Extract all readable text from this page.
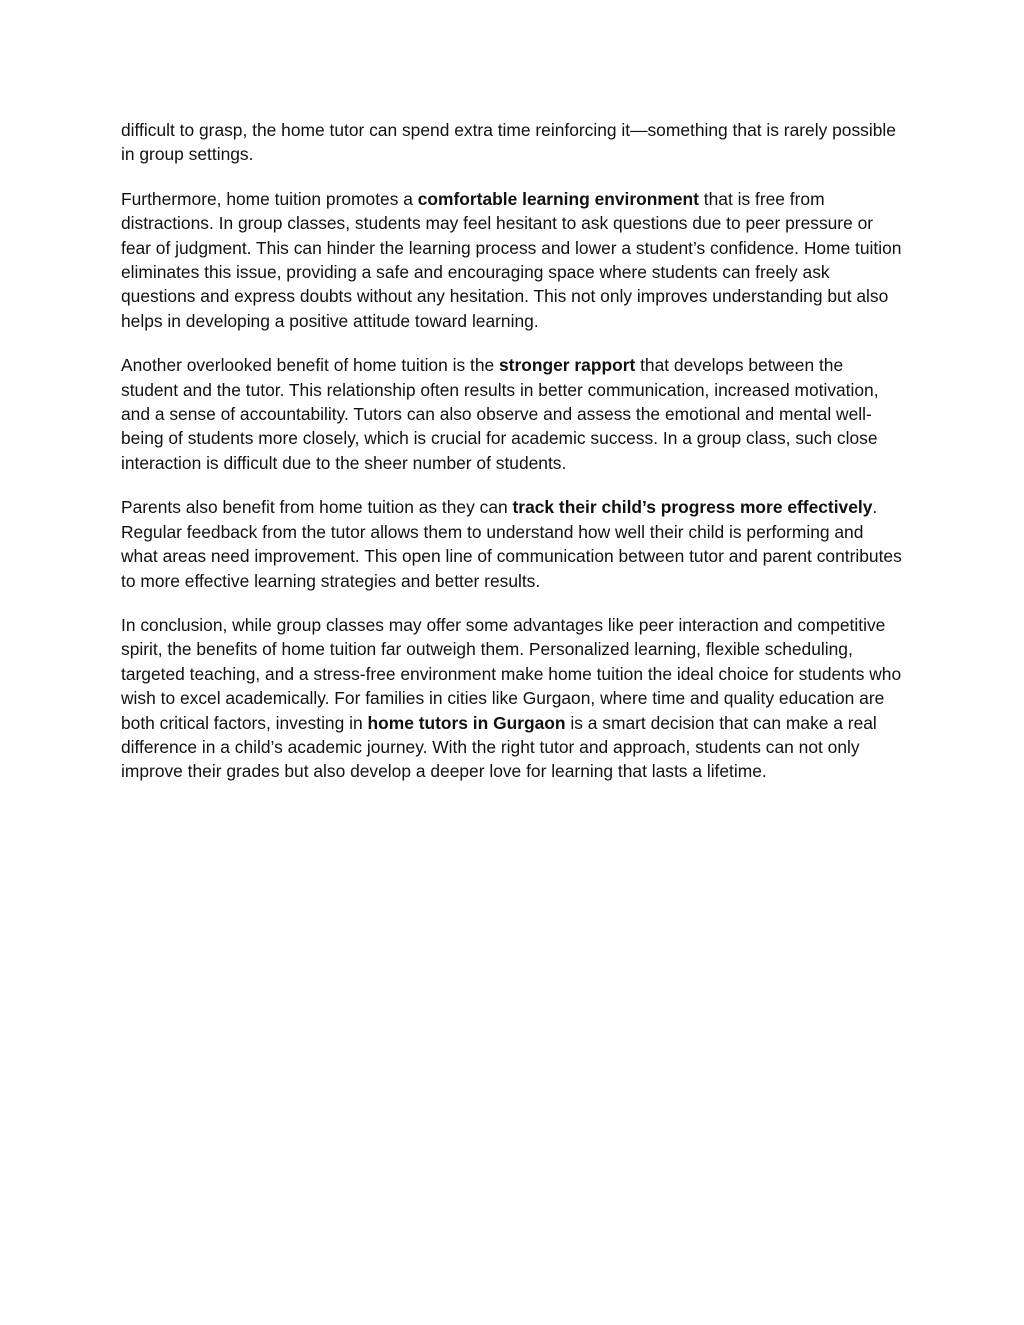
difficult to grasp, the home tutor can spend extra time reinforcing it—something that is rarely possible in group settings.

Furthermore, home tuition promotes a comfortable learning environment that is free from distractions. In group classes, students may feel hesitant to ask questions due to peer pressure or fear of judgment. This can hinder the learning process and lower a student’s confidence. Home tuition eliminates this issue, providing a safe and encouraging space where students can freely ask questions and express doubts without any hesitation. This not only improves understanding but also helps in developing a positive attitude toward learning.

Another overlooked benefit of home tuition is the stronger rapport that develops between the student and the tutor. This relationship often results in better communication, increased motivation, and a sense of accountability. Tutors can also observe and assess the emotional and mental well-being of students more closely, which is crucial for academic success. In a group class, such close interaction is difficult due to the sheer number of students.

Parents also benefit from home tuition as they can track their child’s progress more effectively. Regular feedback from the tutor allows them to understand how well their child is performing and what areas need improvement. This open line of communication between tutor and parent contributes to more effective learning strategies and better results.

In conclusion, while group classes may offer some advantages like peer interaction and competitive spirit, the benefits of home tuition far outweigh them. Personalized learning, flexible scheduling, targeted teaching, and a stress-free environment make home tuition the ideal choice for students who wish to excel academically. For families in cities like Gurgaon, where time and quality education are both critical factors, investing in home tutors in Gurgaon is a smart decision that can make a real difference in a child’s academic journey. With the right tutor and approach, students can not only improve their grades but also develop a deeper love for learning that lasts a lifetime.
